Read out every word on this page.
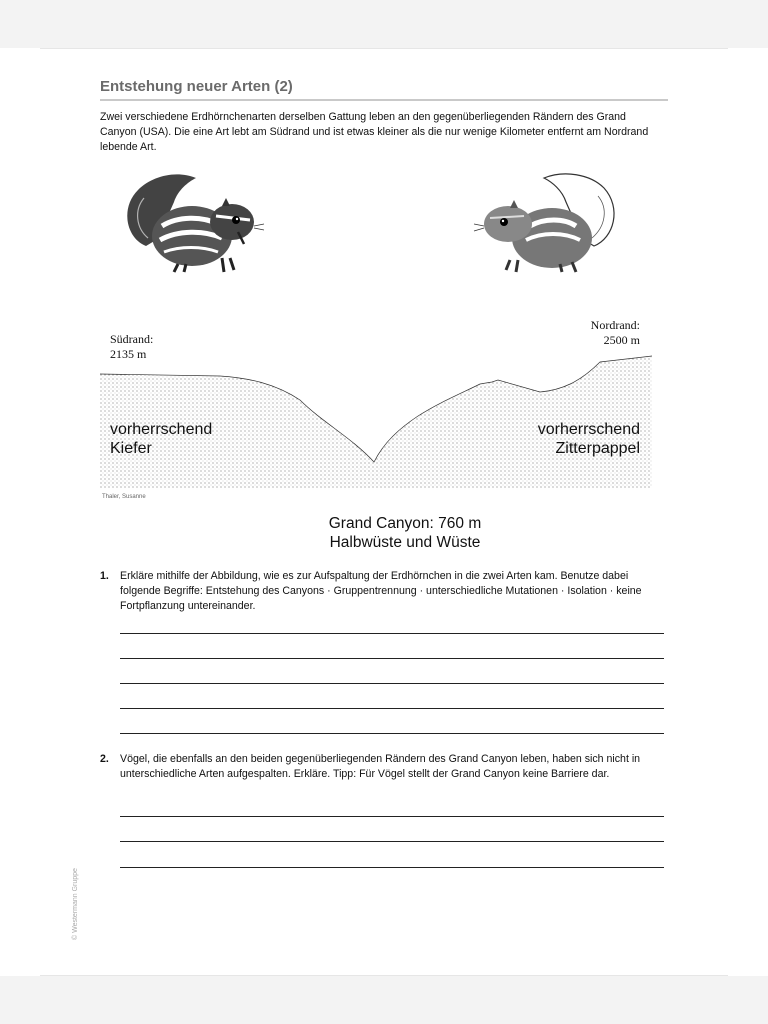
Entstehung neuer Arten (2)

Zwei verschiedene Erdhörnchenarten derselben Gattung leben an den gegenüberliegenden Rändern des Grand Canyon (USA). Die eine Art lebt am Südrand und ist etwas kleiner als die nur wenige Kilometer entfernt am Nordrand lebende Art.

Südrand:
2135 m
Nordrand:
2500 m
vorherrschend
Kiefer
vorherrschend
Zitterpappel
Thaler, Susanne
Grand Canyon: 760 m
Halbwüste und Wüste
1. Erkläre mithilfe der Abbildung, wie es zur Aufspaltung der Erdhörnchen in die zwei Arten kam. Benutze dabei folgende Begriffe: Entstehung des Canyons · Gruppentrennung · unterschiedliche Mutationen · Isolation · keine Fortpflanzung untereinander.
2. Vögel, die ebenfalls an den beiden gegenüberliegenden Rändern des Grand Canyon leben, haben sich nicht in unterschiedliche Arten aufgespalten. Erkläre. Tipp: Für Vögel stellt der Grand Canyon keine Barriere dar.
© Westermann Gruppe
